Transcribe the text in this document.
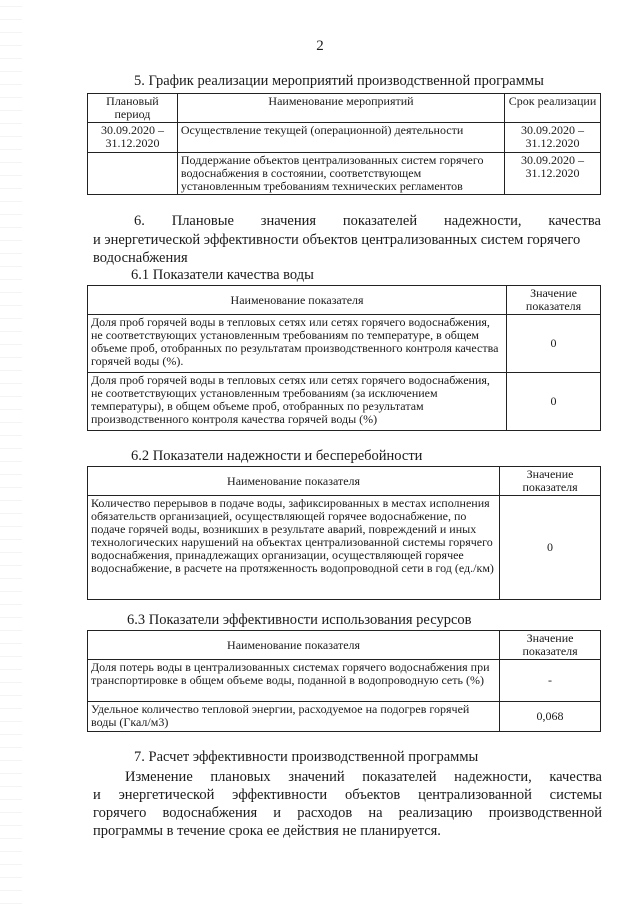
2
5. График реализации мероприятий производственной программы
Плановый период	Наименование мероприятий	Срок реализации
30.09.2020 – 31.12.2020	Осуществление текущей (операционной) деятельности	30.09.2020 – 31.12.2020
	Поддержание объектов централизованных систем горячего водоснабжения в состоянии, соответствующем установленным требованиям технических регламентов	30.09.2020 – 31.12.2020
6. Плановые значения показателей надежности, качества
и энергетической эффективности объектов централизованных систем горячего
водоснабжения
6.1 Показатели качества воды
Наименование показателя	Значение показателя
Доля проб горячей воды в тепловых сетях или сетях горячего водоснабжения, не соответствующих установленным требованиям по температуре, в общем объеме проб, отобранных по результатам производственного контроля качества горячей воды (%).	0
Доля проб горячей воды в тепловых сетях или сетях горячего водоснабжения, не соответствующих установленным требованиям (за исключением температуры), в общем объеме проб, отобранных по результатам производственного контроля качества горячей воды (%)	0
6.2 Показатели надежности и бесперебойности
Наименование показателя	Значение показателя
Количество перерывов в подаче воды, зафиксированных в местах исполнения обязательств организацией, осуществляющей горячее водоснабжение, по подаче горячей воды, возникших в результате аварий, повреждений и иных технологических нарушений на объектах централизованной системы горячего водоснабжения, принадлежащих организации, осуществляющей горячее водоснабжение, в расчете на протяженность водопроводной сети в год (ед./км)	0
6.3 Показатели эффективности использования ресурсов
Наименование показателя	Значение показателя
Доля потерь воды в централизованных системах горячего водоснабжения при транспортировке в общем объеме воды, поданной в водопроводную сеть (%)	-
Удельное количество тепловой энергии, расходуемое на подогрев горячей воды (Гкал/м3)	0,068
7. Расчет эффективности производственной программы
Изменение плановых значений показателей надежности, качества
и энергетической эффективности объектов централизованной системы
горячего водоснабжения и расходов на реализацию производственной
программы в течение срока ее действия не планируется.
